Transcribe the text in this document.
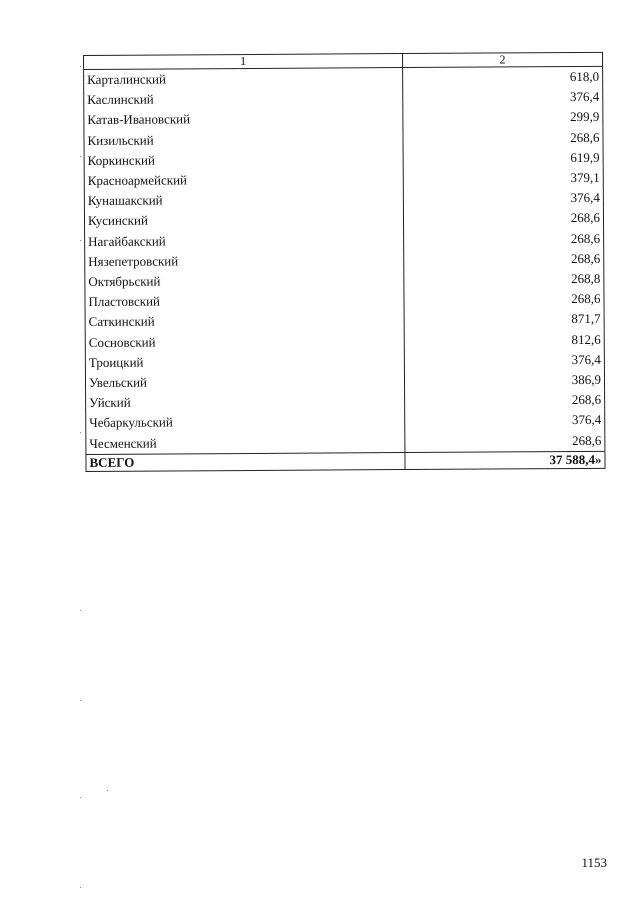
1	2
Карталинский	618,0
Каслинский	376,4
Катав-Ивановский	299,9
Кизильский	268,6
Коркинский	619,9
Красноармейский	379,1
Кунашакский	376,4
Кусинский	268,6
Нагайбакский	268,6
Нязепетровский	268,6
Октябрьский	268,8
Пластовский	268,6
Саткинский	871,7
Сосновский	812,6
Троицкий	376,4
Увельский	386,9
Уйский	268,6
Чебаркульский	376,4
Чесменский	268,6
ВСЕГО	37 588,4»
1153
